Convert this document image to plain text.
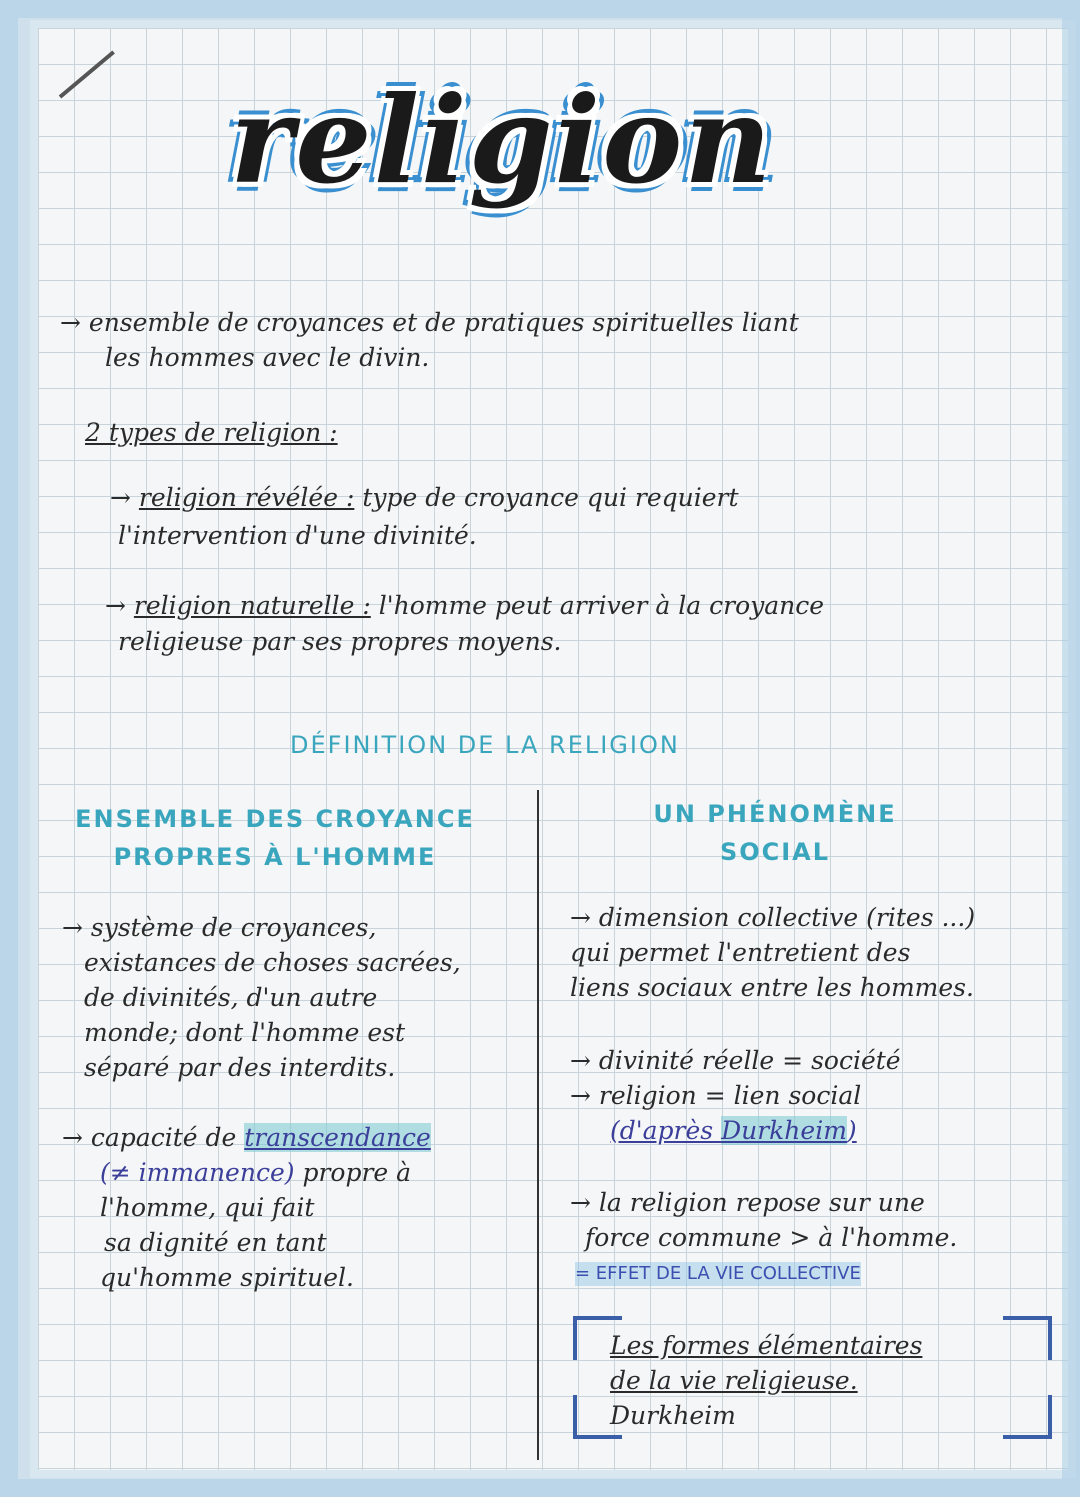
religion
→ ensemble de croyances et de pratiques spirituelles liant
les hommes avec le divin.
2 types de religion :
→ religion révélée : type de croyance qui requiert
l'intervention d'une divinité.
→ religion naturelle : l'homme peut arriver à la croyance
religieuse par ses propres moyens.
DÉFINITION DE LA RELIGION
ENSEMBLE DES CROYANCE
PROPRES À L'HOMME
UN PHÉNOMÈNE
SOCIAL
→ système de croyances,
existances de choses sacrées,
de divinités, d'un autre
monde; dont l'homme est
séparé par des interdits.
→ capacité de transcendance
(≠ immanence) propre à
l'homme, qui fait
sa dignité en tant
qu'homme spirituel.
→ dimension collective (rites ...)
qui permet l'entretient des
liens sociaux entre les hommes.
→ divinité réelle = société
→ religion = lien social
(d'après Durkheim)
→ la religion repose sur une
force commune > à l'homme.
= EFFET DE LA VIE COLLECTIVE
Les formes élémentaires
de la vie religieuse.
Durkheim
